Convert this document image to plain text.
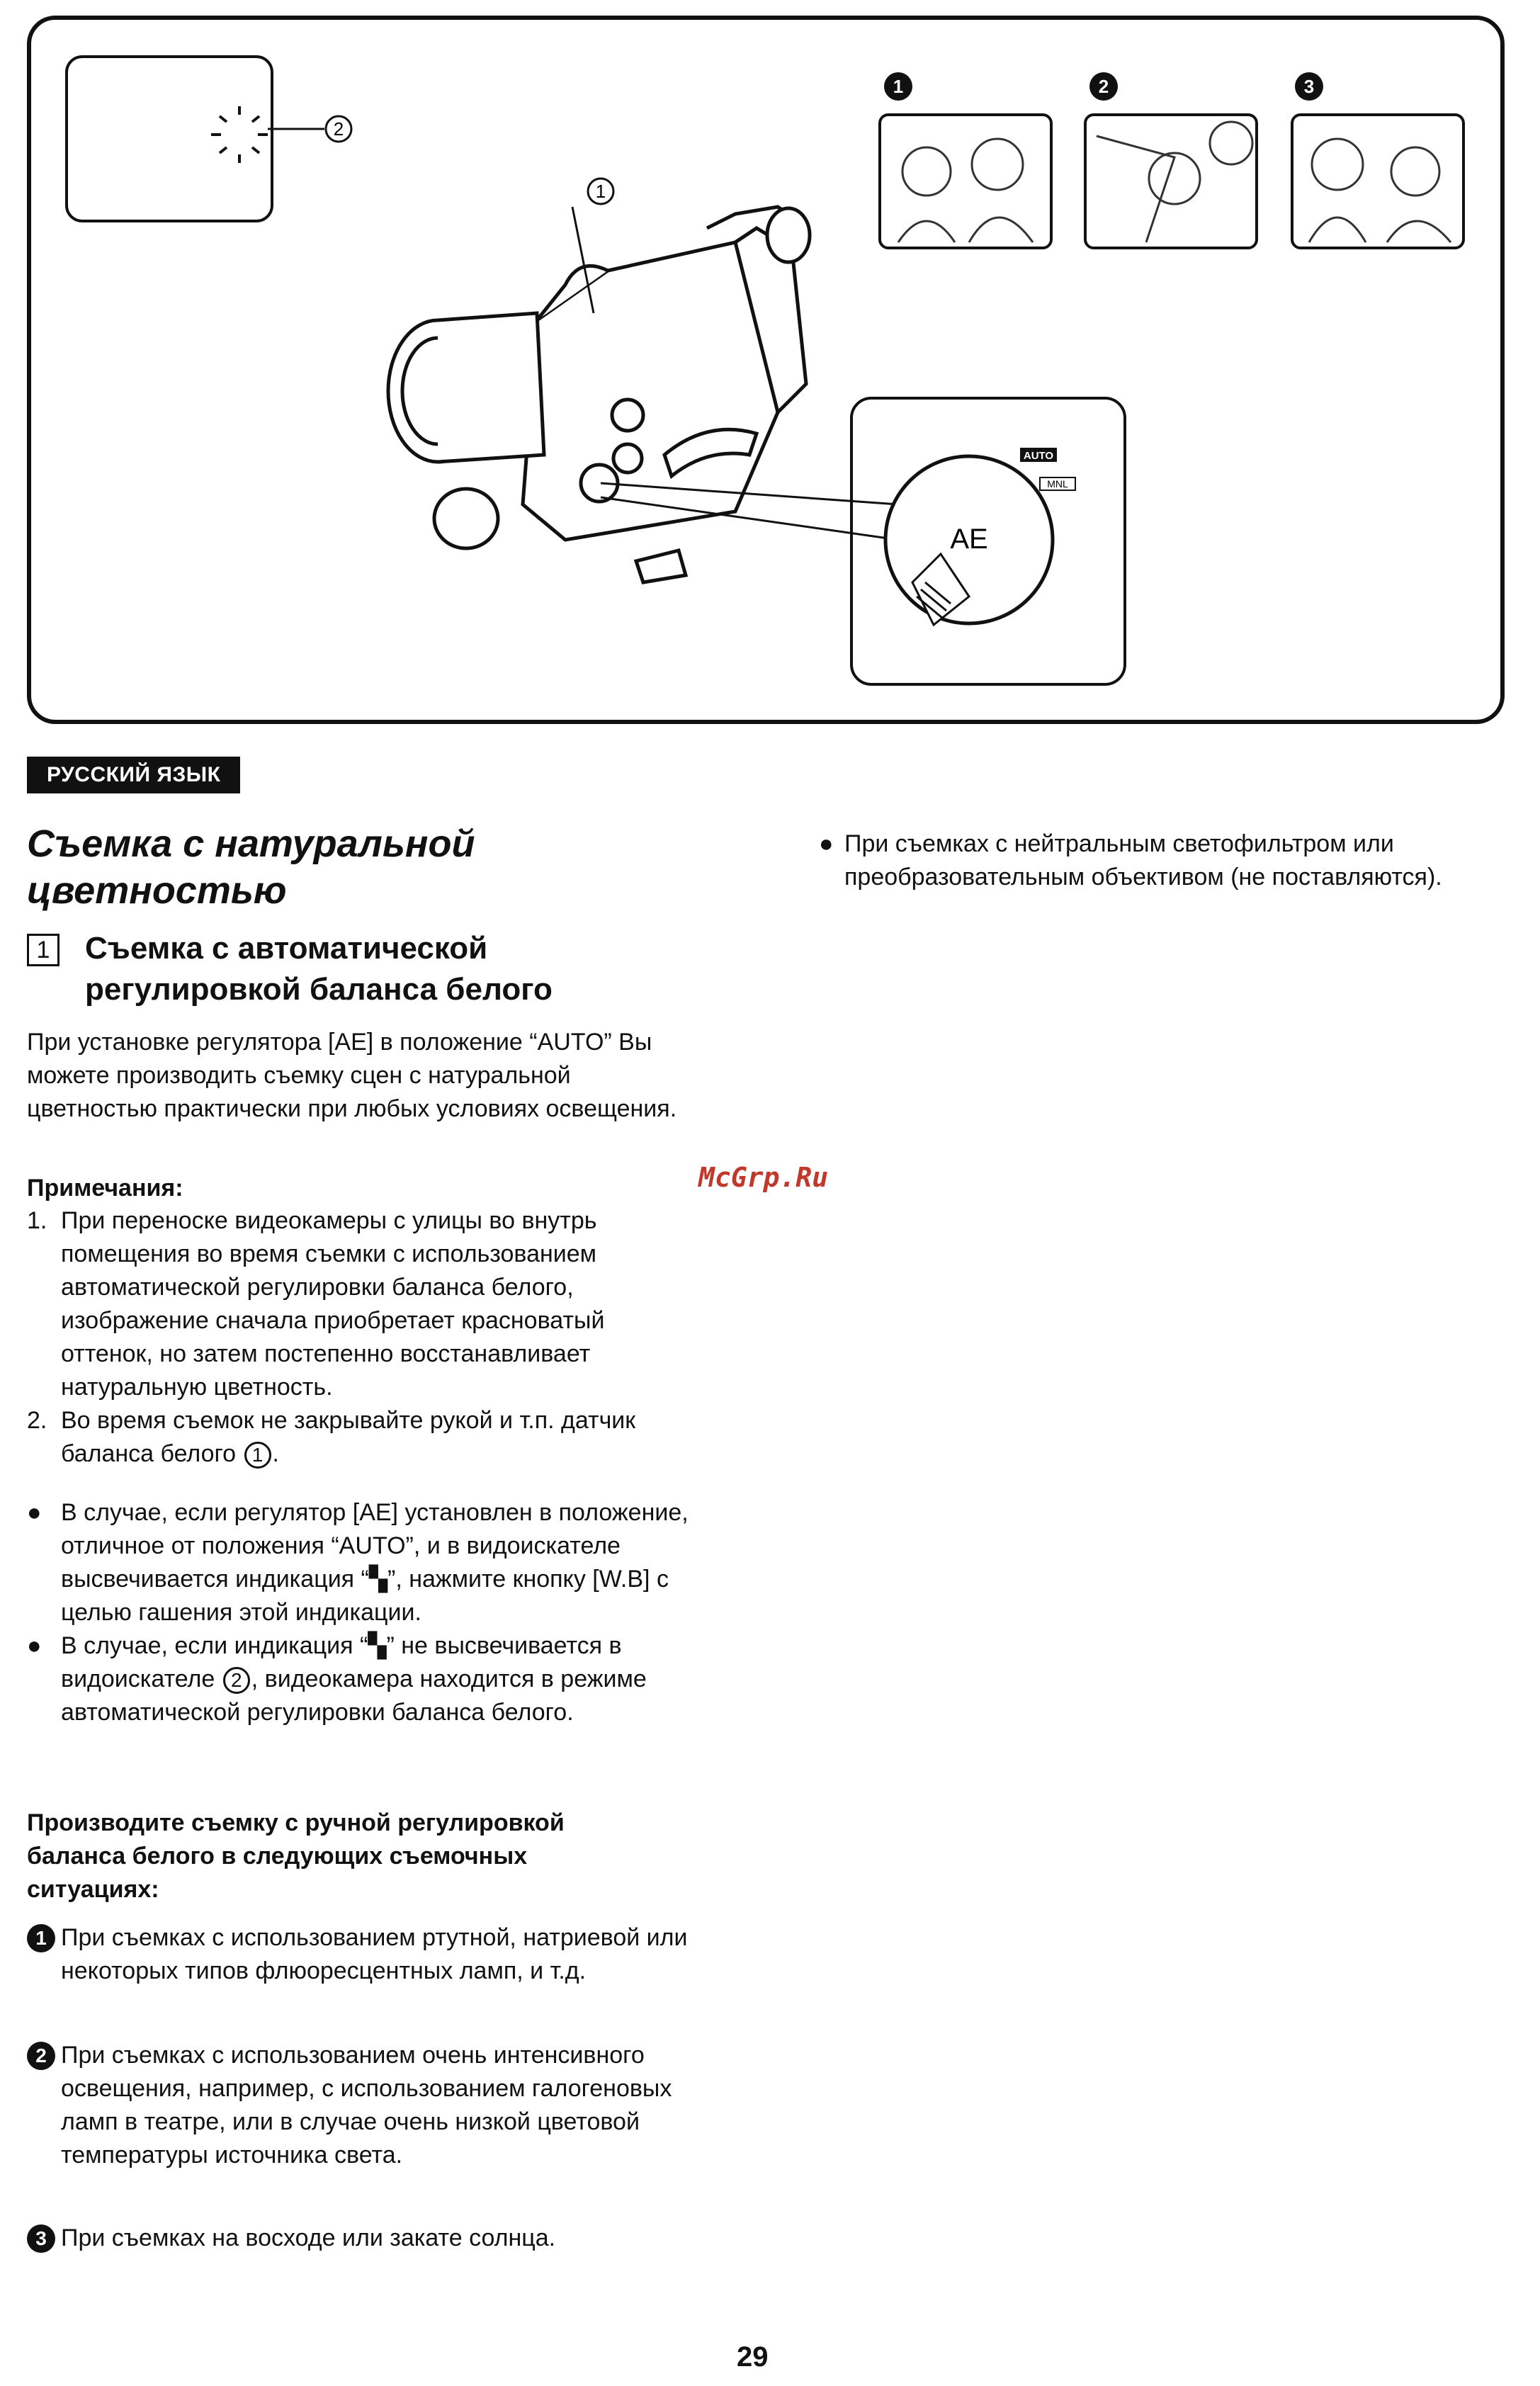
2
1
AE
AUTO
MNL
1	2	3
РУССКИЙ ЯЗЫК
Съемка с натуральной
цветностью
1	Съемка с автоматической
регулировкой баланса белого
При установке регулятора [AE] в положение “AUTO” Вы можете производить съемку сцен с натуральной цветностью практически при любых условиях освещения.
Примечания:
1. При переноске видеокамеры с улицы во внутрь помещения во время съемки с использованием автоматической регулировки баланса белого, изображение сначала приобретает красноватый оттенок, но затем постепенно восстанавливает натуральную цветность.
2. Во время съемок не закрывайте рукой и т.п. датчик баланса белого 1 .
● В случае, если регулятор [AE] установлен в положение, отличное от положения “AUTO”, и в видоискателе высвечивается индикация “▚”, нажмите кнопку [W.B] с целью гашения этой индикации.
● В случае, если индикация “▚” не высвечивается в видоискателе 2 , видеокамера находится в режиме автоматической регулировки баланса белого.
Производите съемку с ручной регулировкой баланса белого в следующих съемочных ситуациях:
1 При съемках с использованием ртутной, натриевой или некоторых типов флюоресцентных ламп, и т.д.
2 При съемках с использованием очень интенсивного освещения, например, с использованием галогеновых ламп в театре, или в случае очень низкой цветовой температуры источника света.
3 При съемках на восходе или закате солнца.
● При съемках с нейтральным светофильтром или преобразовательным объективом (не поставляются).
McGrp.Ru
29
